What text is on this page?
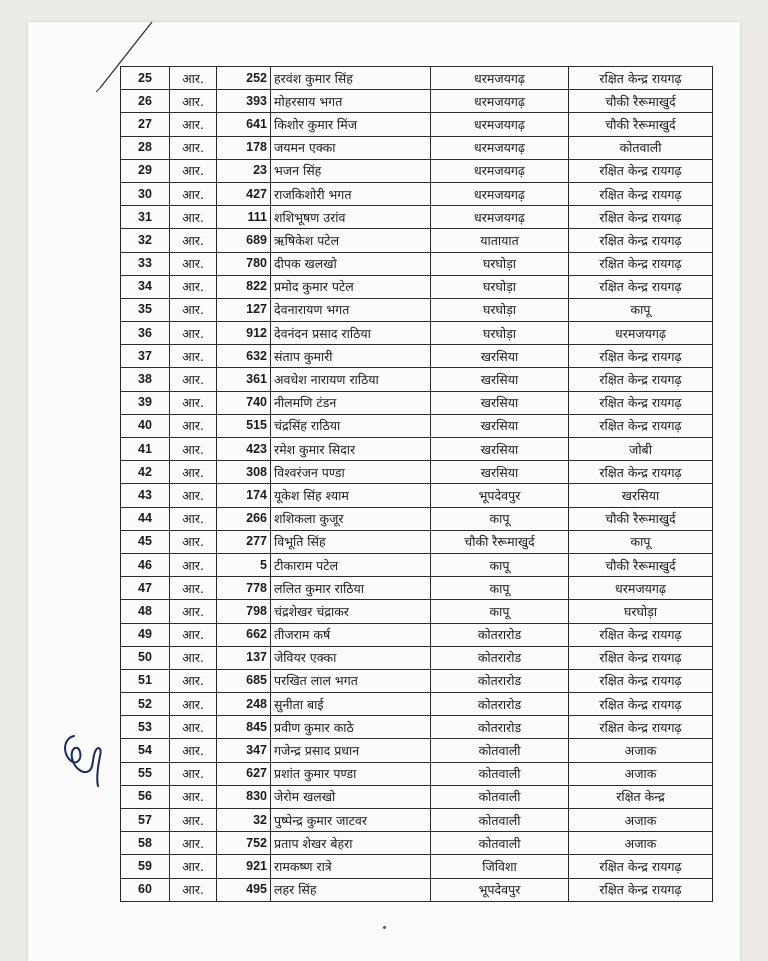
25	आर.	252	हरवंश कुमार सिंह	धरमजयगढ़	रक्षित केन्द्र रायगढ़
26	आर.	393	मोहरसाय भगत	धरमजयगढ़	चौकी रैरूमाखुर्द
27	आर.	641	किशोर कुमार मिंज	धरमजयगढ़	चौकी रैरूमाखुर्द
28	आर.	178	जयमन एक्का	धरमजयगढ़	कोतवाली
29	आर.	23	भजन सिंह	धरमजयगढ़	रक्षित केन्द्र रायगढ़
30	आर.	427	राजकिशोरी भगत	धरमजयगढ़	रक्षित केन्द्र रायगढ़
31	आर.	111	शशिभूषण उरांव	धरमजयगढ़	रक्षित केन्द्र रायगढ़
32	आर.	689	ऋषिकेश पटेल	यातायात	रक्षित केन्द्र रायगढ़
33	आर.	780	दीपक खलखो	घरघोड़ा	रक्षित केन्द्र रायगढ़
34	आर.	822	प्रमोद कुमार पटेल	घरघोड़ा	रक्षित केन्द्र रायगढ़
35	आर.	127	देवनारायण भगत	घरघोड़ा	कापू
36	आर.	912	देवनंदन प्रसाद राठिया	घरघोड़ा	धरमजयगढ़
37	आर.	632	संताप कुमारी	खरसिया	रक्षित केन्द्र रायगढ़
38	आर.	361	अवधेश नारायण राठिया	खरसिया	रक्षित केन्द्र रायगढ़
39	आर.	740	नीलमणि टंडन	खरसिया	रक्षित केन्द्र रायगढ़
40	आर.	515	चंद्रसिंह राठिया	खरसिया	रक्षित केन्द्र रायगढ़
41	आर.	423	रमेश कुमार सिदार	खरसिया	जोबी
42	आर.	308	विश्वरंजन पण्डा	खरसिया	रक्षित केन्द्र रायगढ़
43	आर.	174	यूकेश सिंह श्याम	भूपदेवपुर	खरसिया
44	आर.	266	शशिकला कुजूर	कापू	चौकी रैरूमाखुर्द
45	आर.	277	विभूति सिंह	चौकी रैरूमाखुर्द	कापू
46	आर.	5	टीकाराम पटेल	कापू	चौकी रैरूमाखुर्द
47	आर.	778	ललित कुमार राठिया	कापू	धरमजयगढ़
48	आर.	798	चंद्रशेखर चंद्राकर	कापू	घरघोड़ा
49	आर.	662	तीजराम कर्ष	कोतरारोड	रक्षित केन्द्र रायगढ़
50	आर.	137	जेवियर एक्का	कोतरारोड	रक्षित केन्द्र रायगढ़
51	आर.	685	परखित लाल भगत	कोतरारोड	रक्षित केन्द्र रायगढ़
52	आर.	248	सुनीता बाई	कोतरारोड	रक्षित केन्द्र रायगढ़
53	आर.	845	प्रवीण कुमार काठे	कोतरारोड	रक्षित केन्द्र रायगढ़
54	आर.	347	गजेन्द्र प्रसाद प्रधान	कोतवाली	अजाक
55	आर.	627	प्रशांत कुमार पण्डा	कोतवाली	अजाक
56	आर.	830	जेरोम खलखो	कोतवाली	रक्षित केन्द्र
57	आर.	32	पुष्पेन्द्र कुमार जाटवर	कोतवाली	अजाक
58	आर.	752	प्रताप शेखर बेहरा	कोतवाली	अजाक
59	आर.	921	रामकष्ण रात्रे	जिविशा	रक्षित केन्द्र रायगढ़
60	आर.	495	लहर सिंह	भूपदेवपुर	रक्षित केन्द्र रायगढ़
